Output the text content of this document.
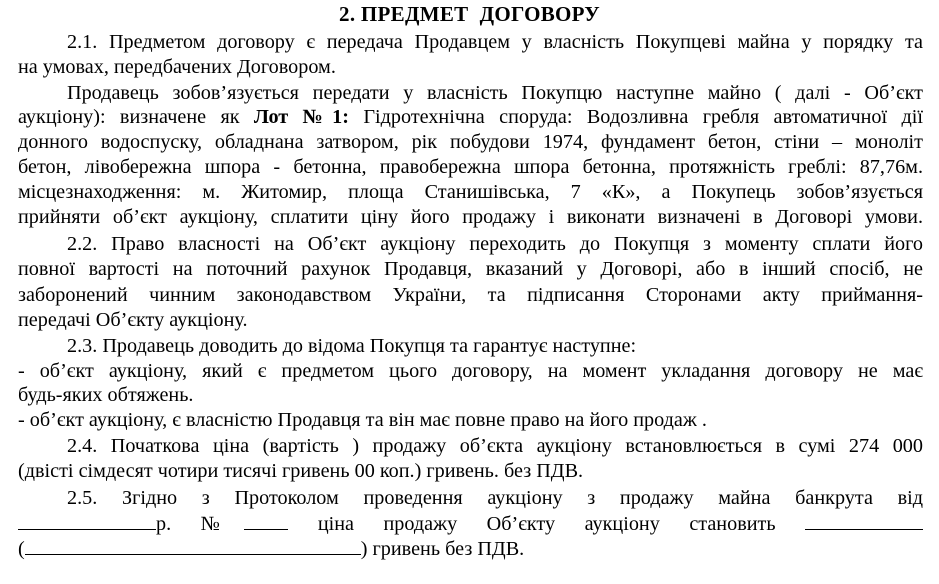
2. ПРЕДМЕТ  ДОГОВОРУ
2.1. Предметом договору є передача Продавцем у власність Покупцеві майна у порядку та
на умовах, передбачених Договором.
Продавець зобов’язується передати у власність Покупцю наступне майно ( далі - Об’єкт
аукціону): визначене як Лот №1: Гідротехнічна споруда: Водозливна гребля автоматичної дії
донного водоспуску, обладнана затвором, рік побудови 1974, фундамент бетон, стіни – моноліт
бетон, лівобережна шпора - бетонна, правобережна шпора бетонна, протяжність греблі: 87,76м.
місцезнаходження: м. Житомир, площа Станишівська, 7 «К», а Покупець зобов’язується
прийняти об’єкт аукціону, сплатити ціну його продажу і виконати визначені в Договорі умови.
2.2. Право власності на Об’єкт аукціону переходить до Покупця з моменту сплати його
повної вартості на поточний рахунок Продавця, вказаний у Договорі, або в інший спосіб, не
заборонений чинним законодавством України, та підписання Сторонами акту приймання-
передачі Об’єкту аукціону.
2.3. Продавець доводить до відома Покупця та гарантує наступне:
- об’єкт аукціону, який є предметом цього договору, на момент укладання договору не має
будь-яких обтяжень.
- об’єкт аукціону, є власністю Продавця та він має повне право на його продаж .
2.4. Початкова ціна (вартість ) продажу об’єкта аукціону встановлюється в сумі 274 000
(двісті сімдесят чотири тисячі гривень 00 коп.) гривень. без ПДВ.
2.5. Згідно з Протоколом проведення аукціону з продажу майна банкрута від
р. №	ціна продажу Об’єкту аукціону становить
(	) гривень без ПДВ.
